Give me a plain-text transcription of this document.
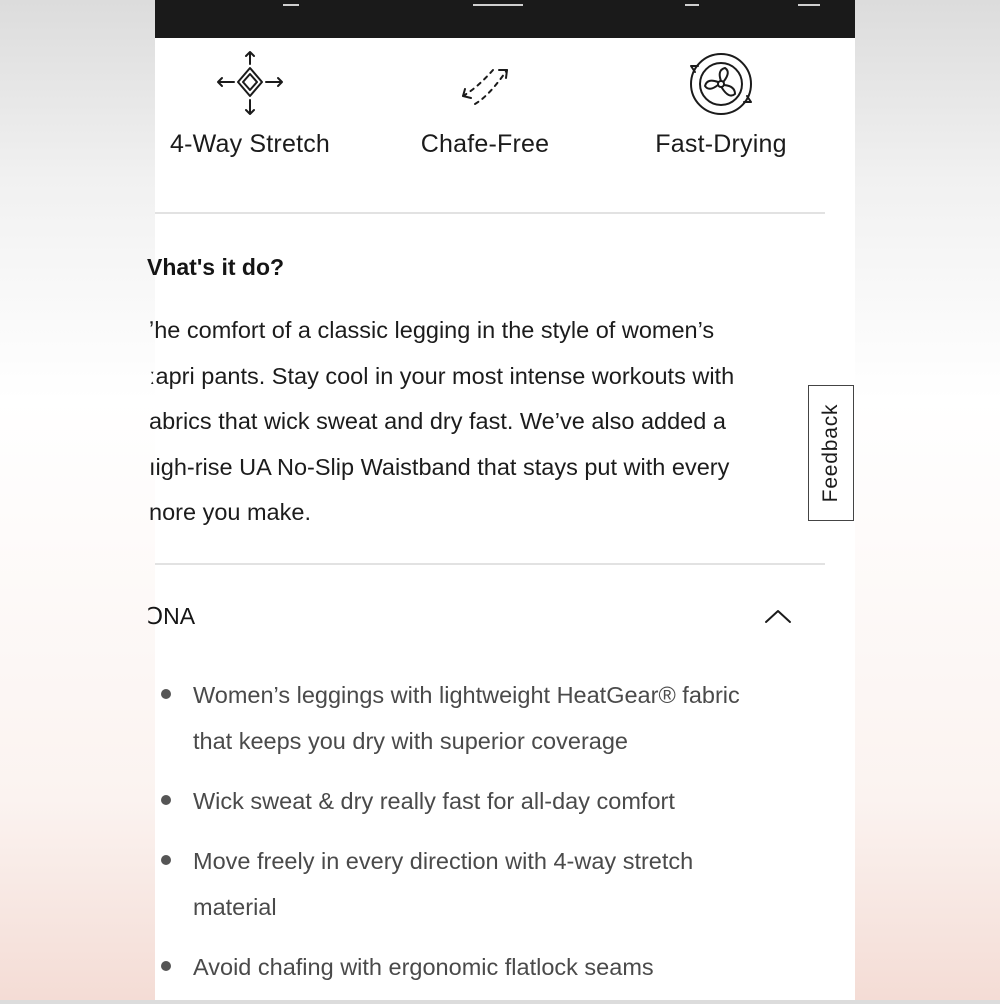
4-Way Stretch	Chafe-Free	Fast-Drying
Vhat's it do?
ʼhe comfort of a classic legging in the style of women’s
ːapri pants. Stay cool in your most intense workouts with
abrics that wick sweat and dry fast. We’ve also added a
ıigh-rise UA No-Slip Waistband that stays put with every
nore you make.
ↃNA
Women’s leggings with lightweight HeatGear® fabric
that keeps you dry with superior coverage
Wick sweat & dry really fast for all-day comfort
Move freely in every direction with 4-way stretch
material
Avoid chafing with ergonomic flatlock seams
Feedback
